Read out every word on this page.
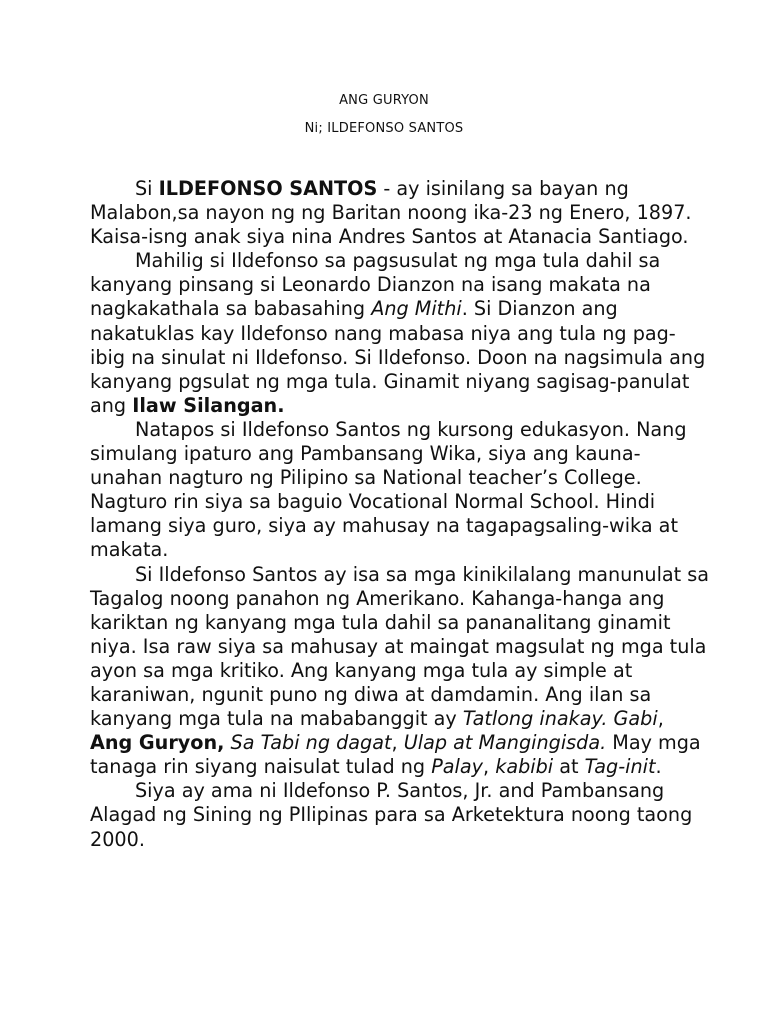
ANG GURYON
Ni; ILDEFONSO SANTOS

Si ILDEFONSO SANTOS - ay isinilang sa bayan ng Malabon,sa nayon ng ng Baritan noong ika-23 ng Enero, 1897. Kaisa-isng anak siya nina Andres Santos at Atanacia Santiago.

Mahilig si Ildefonso sa pagsusulat ng mga tula dahil sa kanyang pinsang si Leonardo Dianzon na isang makata na nagkakathala sa babasahing Ang Mithi. Si Dianzon ang nakatuklas kay Ildefonso nang mabasa niya ang tula ng pag-ibig na sinulat ni Ildefonso. Si Ildefonso. Doon na nagsimula ang kanyang pgsulat ng mga tula. Ginamit niyang sagisag-panulat ang Ilaw Silangan.

Natapos si Ildefonso Santos ng kursong edukasyon. Nang simulang ipaturo ang Pambansang Wika, siya ang kauna-unahan nagturo ng Pilipino sa National teacher’s College. Nagturo rin siya sa baguio Vocational Normal School. Hindi lamang siya guro, siya ay mahusay na tagapagsaling-wika at makata.

Si Ildefonso Santos ay isa sa mga kinikilalang manunulat sa Tagalog noong panahon ng Amerikano. Kahanga-hanga ang kariktan ng kanyang mga tula dahil sa pananalitang ginamit niya. Isa raw siya sa mahusay at maingat magsulat ng mga tula ayon sa mga kritiko. Ang kanyang mga tula ay simple at karaniwan, ngunit puno ng diwa at damdamin. Ang ilan sa kanyang mga tula na mababanggit ay Tatlong inakay. Gabi, Ang Guryon, Sa Tabi ng dagat, Ulap at Mangingisda. May mga tanaga rin siyang naisulat tulad ng Palay, kabibi at Tag-init.

Siya ay ama ni Ildefonso P. Santos, Jr. and Pambansang Alagad ng Sining ng PIlipinas para sa Arketektura noong taong 2000.
